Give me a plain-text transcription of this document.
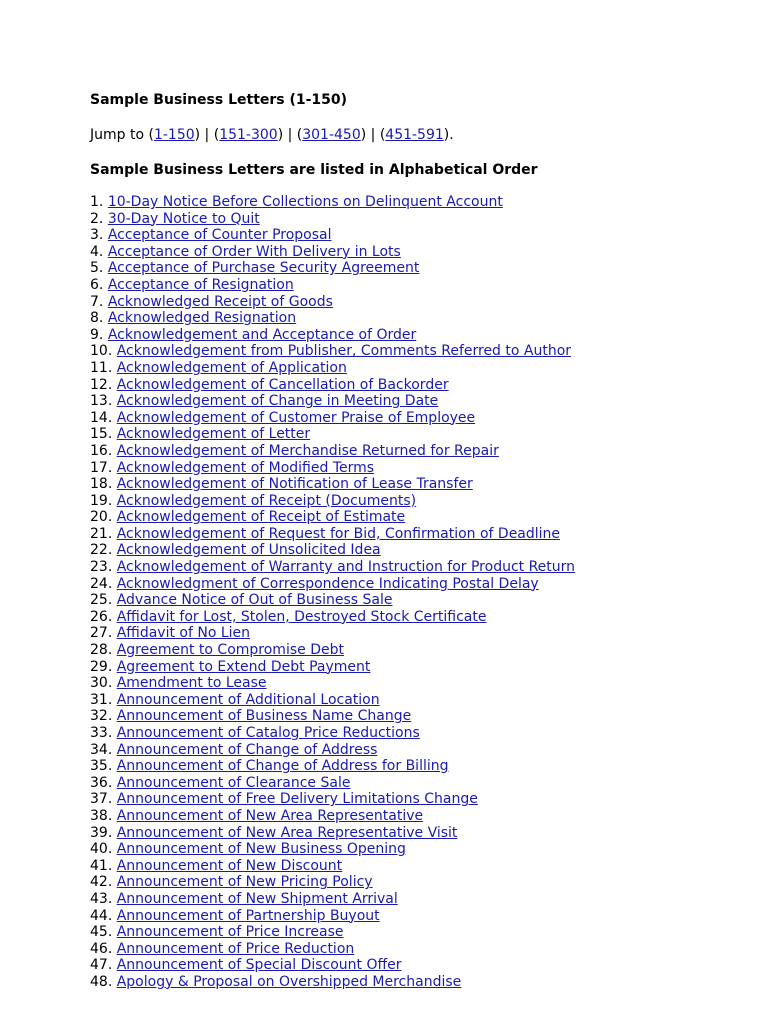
Sample Business Letters (1-150)

Jump to (1-150) | (151-300) | (301-450) | (451-591).

Sample Business Letters are listed in Alphabetical Order
1. 10-Day Notice Before Collections on Delinquent Account
2. 30-Day Notice to Quit
3. Acceptance of Counter Proposal
4. Acceptance of Order With Delivery in Lots
5. Acceptance of Purchase Security Agreement
6. Acceptance of Resignation
7. Acknowledged Receipt of Goods
8. Acknowledged Resignation
9. Acknowledgement and Acceptance of Order
10. Acknowledgement from Publisher, Comments Referred to Author
11. Acknowledgement of Application
12. Acknowledgement of Cancellation of Backorder
13. Acknowledgement of Change in Meeting Date
14. Acknowledgement of Customer Praise of Employee
15. Acknowledgement of Letter
16. Acknowledgement of Merchandise Returned for Repair
17. Acknowledgement of Modified Terms
18. Acknowledgement of Notification of Lease Transfer
19. Acknowledgement of Receipt (Documents)
20. Acknowledgement of Receipt of Estimate
21. Acknowledgement of Request for Bid, Confirmation of Deadline
22. Acknowledgement of Unsolicited Idea
23. Acknowledgement of Warranty and Instruction for Product Return
24. Acknowledgment of Correspondence Indicating Postal Delay
25. Advance Notice of Out of Business Sale
26. Affidavit for Lost, Stolen, Destroyed Stock Certificate
27. Affidavit of No Lien
28. Agreement to Compromise Debt
29. Agreement to Extend Debt Payment
30. Amendment to Lease
31. Announcement of Additional Location
32. Announcement of Business Name Change
33. Announcement of Catalog Price Reductions
34. Announcement of Change of Address
35. Announcement of Change of Address for Billing
36. Announcement of Clearance Sale
37. Announcement of Free Delivery Limitations Change
38. Announcement of New Area Representative
39. Announcement of New Area Representative Visit
40. Announcement of New Business Opening
41. Announcement of New Discount
42. Announcement of New Pricing Policy
43. Announcement of New Shipment Arrival
44. Announcement of Partnership Buyout
45. Announcement of Price Increase
46. Announcement of Price Reduction
47. Announcement of Special Discount Offer
48. Apology & Proposal on Overshipped Merchandise
